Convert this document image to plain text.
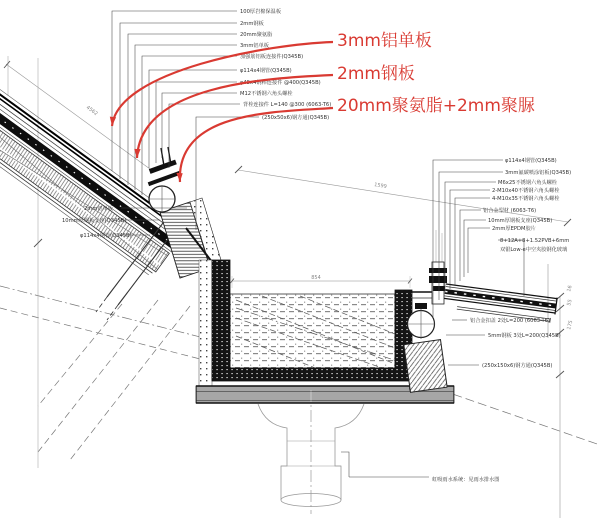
100厚岩棉保温板
2mm钢板
20mm聚氨脂
3mm铝单板
加强筋铝板连接件(Q345B)
φ114x4钢管(Q345B)
φ45x4钢棒连接件 @400(Q345B)
M12不锈钢六角头螺栓
背栓连接件 L=140 @300 (6063-T6)
(250x50x6)钢方通(Q345B)
φ114x4钢管(Q345B)
3mm氟碳喷涂铝板(Q345B)
M6x25不锈钢六角头螺栓
2-M10x40不锈钢六角头螺栓
4-M10x35不锈钢六角头螺栓
铝合金型材 (6063-T6)
10mm厚钢板支座(Q345B)
2mm厚EPDM胶片
8+12A+8+1.52PVB+6mm
双银Low-e中空夹胶钢化玻璃
2mm铝单板
10mm厚钢板支座(Q345B)
φ114x4钢管(Q345B)
铝合金扣盖 2处L=200 (6063-T6)
5mm钢板 3处L=200(Q345B)
(250x150x6)钢方通(Q345B)
虹吸雨水系统：见雨水排水图
854
4562
1599
16
55
175
3mm铝单板
2mm钢板
20mm聚氨脂+2mm聚脲
